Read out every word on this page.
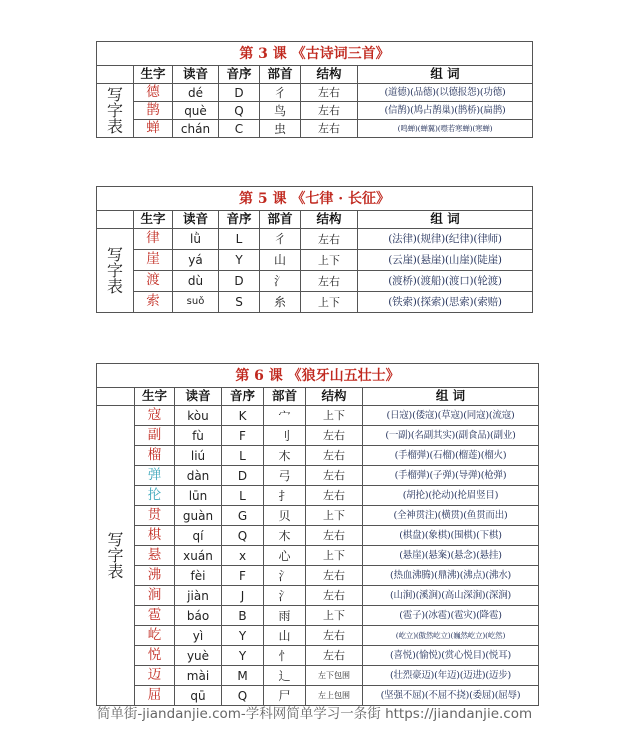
第 3 课 《古诗词三首》						
	生字	读音	音序	部首	结构	组 词

写
字
表	德	dé	D	彳	左右	(道德)(品德)(以德报怨)(功德)
	鹊	què	Q	鸟	左右	(信鹊)(鸠占鹊巢)(鹊桥)(扁鹊)
	蝉	chán	C	虫	左右	(鸣蝉)(蝉翼)(噤若寒蝉)(寒蝉)
第 5 课 《七律 · 长征》						
	生字	读音	音序	部首	结构	组 词

写
字
表	律	lǜ	L	彳	左右	(法律)(规律)(纪律)(律师)
	崖	yá	Y	山	上下	(云崖)(悬崖)(山崖)(陡崖)
	渡	dù	D	氵	左右	(渡桥)(渡船)(渡口)(轮渡)
	索	suǒ	S	糸	上下	(铁索)(探索)(思索)(索赔)
第 6 课 《狼牙山五壮士》						
	生字	读音	音序	部首	结构	组 词

写
字
表	寇	kòu	K	宀	上下	(日寇)(倭寇)(草寇)(同寇)(流寇)
	副	fù	F	刂	左右	(一副)(名副其实)(副食品)(副业)
	榴	liú	L	木	左右	(手榴弹)(石榴)(榴莲)(榴火)
	弹	dàn	D	弓	左右	(手榴弹)(子弹)(导弹)(枪弹)
	抡	lūn	L	扌	左右	(胡抡)(抡动)(抡眉竖目)
	贯	guàn	G	贝	上下	(全神贯注)(横贯)(鱼贯而出)
	棋	qí	Q	木	左右	(棋盘)(象棋)(围棋)(下棋)
	悬	xuán	x	心	上下	(悬崖)(悬案)(悬念)(悬挂)
	沸	fèi	F	氵	左右	(热血沸腾)(鼎沸)(沸点)(沸水)
	涧	jiàn	J	氵	左右	(山涧)(溪涧)(高山深涧)(深涧)
	雹	báo	B	雨	上下	(雹子)(冰雹)(雹灾)(降雹)
	屹	yì	Y	山	左右	(屹立)(傲然屹立)(巍然屹立)(屹然)
	悦	yuè	Y	忄	左右	(喜悦)(愉悦)(赏心悦目)(悦耳)
	迈	mài	M	辶	左下包围	(壮烈豪迈)(年迈)(迈进)(迈步)
	屈	qū	Q	尸	左上包围	(坚强不屈)(不屈不挠)(委屈)(屈辱)
简单街-jiandanjie.com-学科网简单学习一条街 https://jiandanjie.com
